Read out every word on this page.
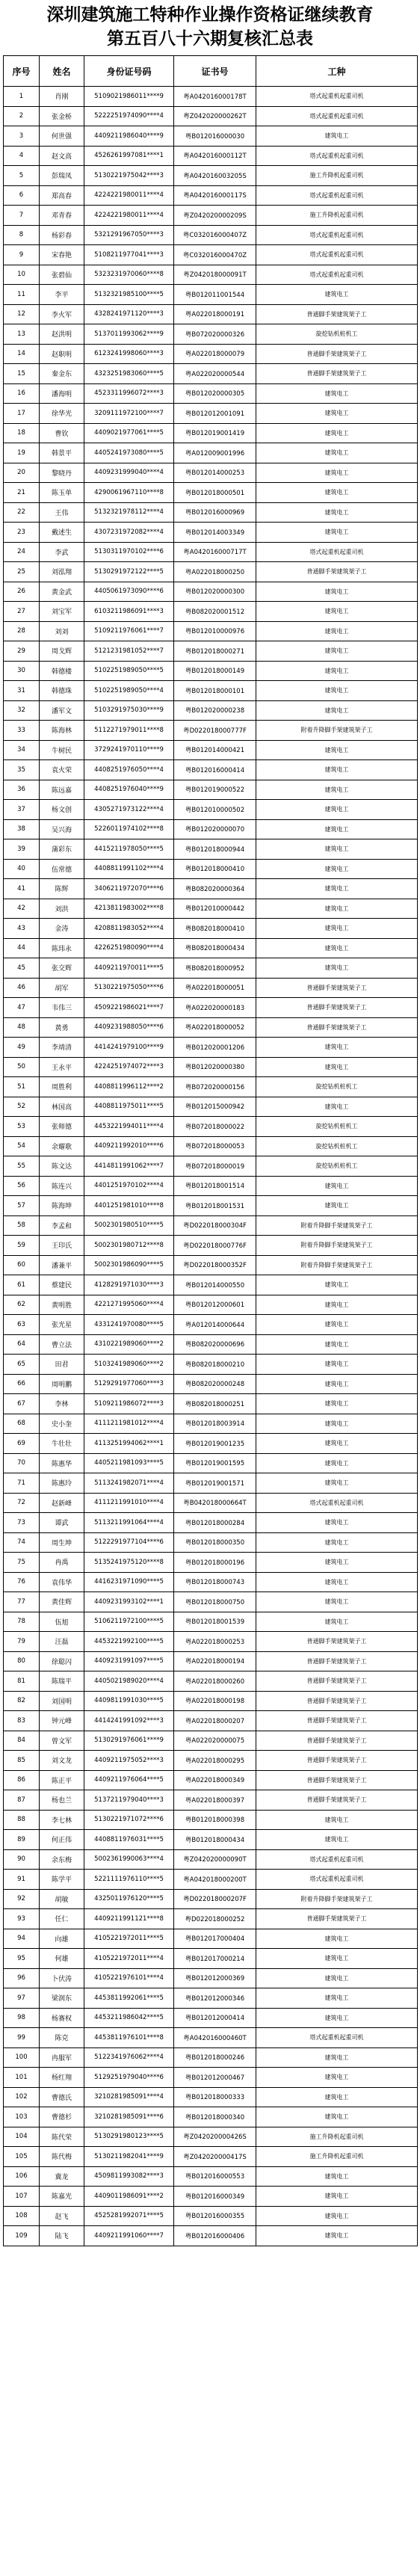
深圳建筑施工特种作业操作资格证继续教育
第五百八十六期复核汇总表
序号	姓名	身份证号码	证书号	工种
1	肖刚	5109021986011****9	粤A042016000178T	塔式起重机起重司机
2	张金桥	5222251974090****4	粤Z042020000262T	塔式起重机起重司机
3	何世强	4409211986040****9	粤B012016000030	建筑电工
4	赵文高	4526261997081****1	粤A042016000112T	塔式起重机起重司机
5	彭瑞凤	5130221975042****3	粤A042016003205S	施工升降机起重司机
6	郑高春	4224221980011****4	粤A042016000117S	塔式起重机起重司机
7	邓青春	4224221980011****4	粤Z042020000209S	施工升降机起重司机
8	杨彩春	5321291967050****3	粤C032016000407Z	塔式起重机起重司机
9	宋春艳	5108211977041****3	粤C032016000470Z	塔式起重机起重司机
10	张碧仙	5323231970060****8	粤Z042018000091T	塔式起重机起重司机
11	李平	5132321985100****5	粤B012011001544	建筑电工
12	李火军	4328241971120****3	粤A022018000191	普通脚手架建筑架子工
13	赵洪明	5137011993062****9	粤B072020000326	旋挖钻机桩机工
14	赵职明	6123241998060****3	粤A022018000079	普通脚手架建筑架子工
15	秦金东	4323251983060****5	粤A022020000544	普通脚手架建筑架子工
16	潘海明	4523311996072****3	粤B012020000305	建筑电工
17	徐华光	3209111972100****7	粤B012012001091	建筑电工
18	曹钦	4409021977061****5	粤B012019001419	建筑电工
19	韩景平	4405241973080****5	粤A012009001996	建筑电工
20	黎晓丹	4409231999040****4	粤B012014000253	建筑电工
21	陈玉单	4290061967110****8	粤B012018000501	建筑电工
22	王伟	5132321978112****4	粤B012016000969	建筑电工
23	戴述生	4307231972082****4	粤B012014003349	建筑电工
24	李武	5130311970102****6	粤A042016000717T	塔式起重机起重司机
25	刘泓翔	5130291972122****5	粤A022018000250	普通脚手架建筑架子工
26	黄金武	4405061973090****6	粤B012020000300	建筑电工
27	刘宝军	6103211986091****3	粤B082020001512	建筑电工
28	刘刘	5109211976061****7	粤B012010000976	建筑电工
29	周戈辉	5121231981052****7	粤B012018000271	建筑电工
30	韩德楼	5102251989050****5	粤B012018000149	建筑电工
31	韩德珠	5102251989050****4	粤B012018000101	建筑电工
32	潘军文	5103291975030****9	粤B012020000238	建筑电工
33	陈海林	5112271979011****8	粤D022018000777F	附着升降脚手架建筑架子工
34	牛树民	3729241970110****9	粤B012014000421	建筑电工
35	袁火荣	4408251976050****4	粤B012016000414	建筑电工
36	陈远嘉	4408251976040****9	粤B012019000522	建筑电工
37	杨文创	4305271973122****4	粤B012010000502	建筑电工
38	吴兴海	5226011974102****8	粤B012020000070	建筑电工
39	蒲彩东	4415211978050****5	粤B012018000944	建筑电工
40	伍常德	4408811991102****4	粤B012018000410	建筑电工
41	陈辉	3406211972070****6	粤B082020000364	建筑电工
42	刘洪	4213811983002****8	粤B012010000442	建筑电工
43	金涛	4208811983052****4	粤B082018000410	建筑电工
44	陈玮永	4226251980090****4	粤B082018000434	建筑电工
45	张交辉	4409211970011****5	粤B082018000952	建筑电工
46	胡军	5130221975050****6	粤A022018000051	普通脚手架建筑架子工
47	韦伟三	4509221986021****7	粤A022020000183	普通脚手架建筑架子工
48	黄勇	4409231988050****6	粤A022018000052	普通脚手架建筑架子工
49	李靖清	4414241979100****9	粤B012020001206	建筑电工
50	王永平	4224251974072****3	粤B012020000380	建筑电工
51	周胜利	4408811996112****2	粤B072020000156	旋挖钻机桩机工
52	林国高	4408811975011****5	粤B012015000942	建筑电工
53	张师德	4453221994011****4	粤B072018000022	旋挖钻机桩机工
54	余耀歌	4409211992010****6	粤B072018000053	旋挖钻机桩机工
55	陈文达	4414811991062****7	粤B072018000019	旋挖钻机桩机工
56	陈连兴	4401251970102****4	粤B012018001514	建筑电工
57	陈海坤	4401251981010****8	粤B012018001531	建筑电工
58	李孟和	5002301980510****5	粤D022018000304F	附着升降脚手架建筑架子工
59	王印氏	5002301980712****8	粤D022018000776F	附着升降脚手架建筑架子工
60	潘兼平	5002301986090****5	粤D022018000352F	附着升降脚手架建筑架子工
61	蔡建民	4128291971030****3	粤B012014000550	建筑电工
62	黄明胜	4221271995060****4	粤B012012000601	建筑电工
63	张光星	4331241970080****5	粤A012014000644	建筑电工
64	曹立法	4310221989060****2	粤B082020000696	建筑电工
65	田君	5103241989060****2	粤B082018000210	建筑电工
66	周明鹏	5129291977060****3	粤B082020000248	建筑电工
67	李林	5109211986072****3	粤B082018000251	建筑电工
68	史小奎	4111211981012****4	粤B012018003914	建筑电工
69	牛壮壮	4113251994062****1	粤B012019001235	建筑电工
70	陈惠华	4405211981093****5	粤B012019001595	建筑电工
71	陈惠玲	5113241982071****4	粤B012019001571	建筑电工
72	赵新峰	4111211991010****4	粤B042018000664T	塔式起重机起重司机
73	谭武	5113211991064****4	粤B012018000284	建筑电工
74	周生坤	5122291977104****6	粤B012018000350	建筑电工
75	冉禹	5135241975120****8	粤B012018000196	建筑电工
76	袁伟华	4416231971090****5	粤B012018000743	建筑电工
77	黄佳辉	4409231993102****1	粤B012018000750	建筑电工
78	伍旭	5106211972100****5	粤B012018001539	建筑电工
79	汪磊	4453221992100****5	粤A022018000253	普通脚手架建筑架子工
80	徐聪闪	4409231991097****5	粤A022018000194	普通脚手架建筑架子工
81	陈瑞平	4405021989020****4	粤A022018000260	普通脚手架建筑架子工
82	刘国明	4409811991030****5	粤A022018000198	普通脚手架建筑架子工
83	钟元峰	4414241991092****3	粤A022018000207	普通脚手架建筑架子工
84	曾文军	5130291976061****9	粤A022020000075	普通脚手架建筑架子工
85	刘文龙	4409211975052****3	粤A022018000295	普通脚手架建筑架子工
86	陈正平	4409211976064****5	粤A022018000349	普通脚手架建筑架子工
87	杨也兰	5137211979040****3	粤A022018000397	普通脚手架建筑架子工
88	李七林	5130221971072****6	粤B012018000398	建筑电工
89	何正伟	4408811976031****5	粤B012018000434	建筑电工
90	余东梅	5002361990063****4	粤Z042020000090T	塔式起重机起重司机
91	陈学平	5221111976110****5	粤A042018000200T	塔式起重机起重司机
92	胡敏	4325011976120****5	粤D022018000207F	附着升降脚手架建筑架子工
93	任仁	4409211991121****8	粤D022018000252	普通脚手架建筑架子工
94	向雄	4105221972011****5	粤B012017000404	建筑电工
95	何雄	4105221972011****4	粤B012017000214	建筑电工
96	卜伏涛	4105221976101****4	粤B012012000369	建筑电工
97	梁润东	4453811992061****5	粤B012012000346	建筑电工
98	杨赛权	4453211986042****5	粤B012012000414	建筑电工
99	陈克	4453811976101****8	粤A042016000460T	塔式起重机起重司机
100	冉服军	5122341976062****4	粤B012018000246	建筑电工
101	杨红翔	5129251979040****6	粤B012012000467	建筑电工
102	曹德氏	3210281985091****4	粤B012018000333	建筑电工
103	曹德杉	3210281985091****6	粤B012018000340	建筑电工
104	陈代荣	5130291980123****5	粤Z042020000426S	施工升降机起重司机
105	陈代梅	5130211982041****9	粤Z042020000417S	施工升降机起重司机
106	冀龙	4509811993082****3	粤B012016000553	建筑电工
107	陈嘉光	4409011986091****2	粤B012016000349	建筑电工
108	赵飞	4525281992071****5	粤B012016000355	建筑电工
109	陆飞	4409211991060****7	粤B012016000406	建筑电工
